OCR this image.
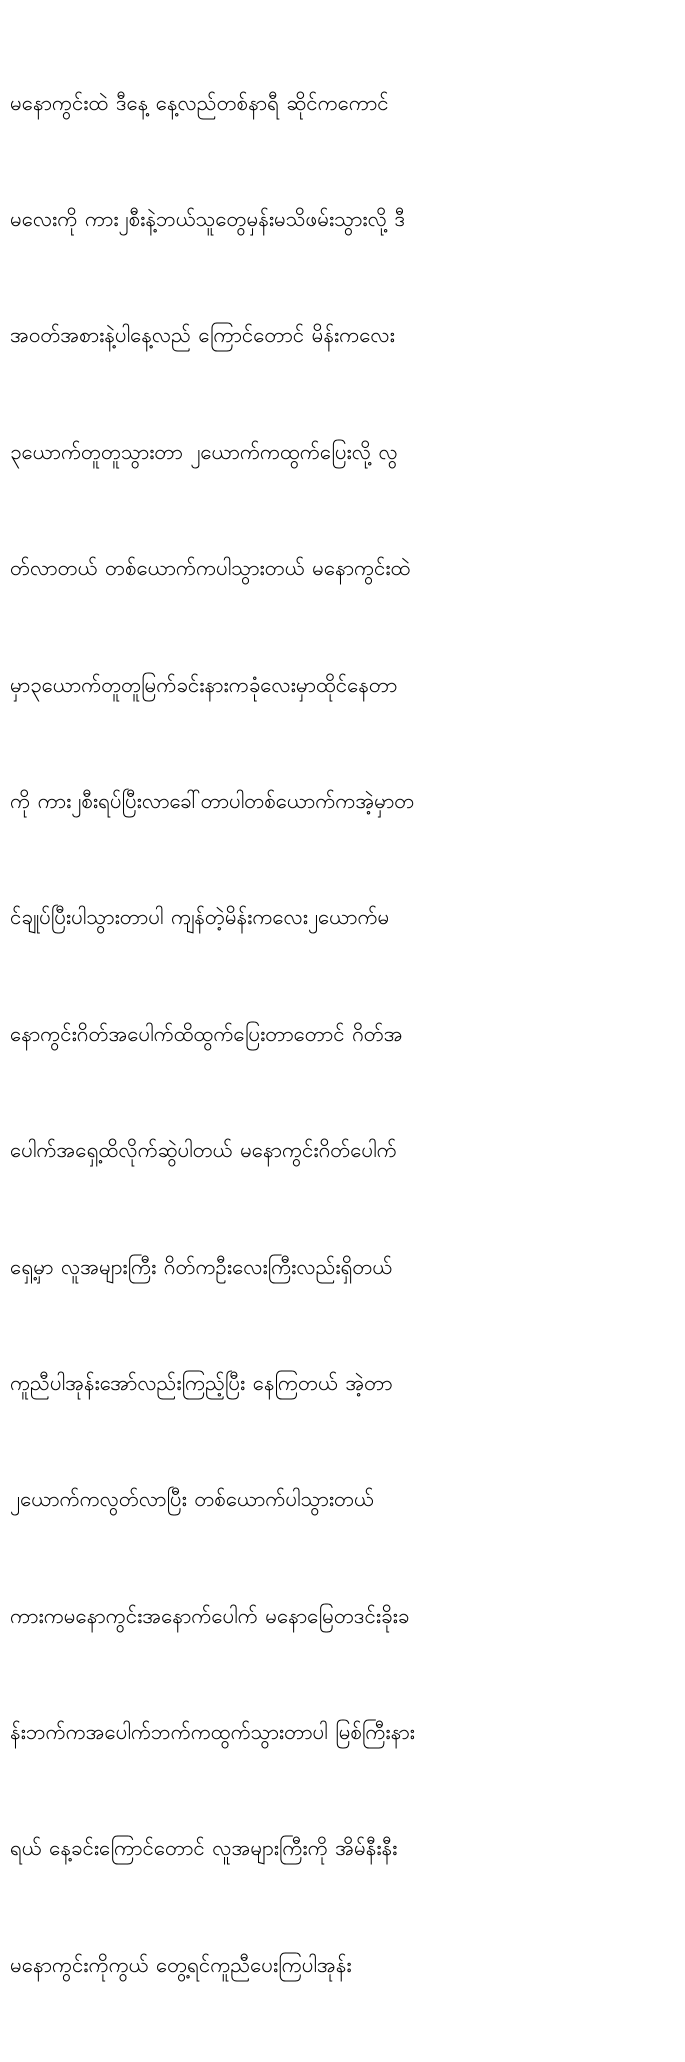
မနောကွင်းထဲ ဒီနေ့ နေ့လည်တစ်နာရီ ဆိုင်ကကောင်

မလေးကို ကား၂စီးနဲ့ဘယ်သူတွေမှန်းမသိဖမ်းသွားလို့ ဒီ

အဝတ်အစားနဲ့ပါနေ့လည် ကြောင်တောင် မိန်းကလေး

၃ယောက်တူတူသွားတာ ၂ယောက်ကထွက်ပြေးလို့ လွ

တ်လာတယ် တစ်ယောက်ကပါသွားတယ် မနောကွင်းထဲ

မှာ၃ယောက်တူတူမြက်ခင်းနားကခုံလေးမှာထိုင်နေတာ

ကို ကား၂စီးရပ်ပြီးလာခေါ်တာပါတစ်ယောက်ကအဲ့မှာတ

င်ချုပ်ပြီးပါသွားတာပါ ကျန်တဲ့မိန်းကလေး၂ယောက်မ

နောကွင်းဂိတ်အပေါက်ထိထွက်ပြေးတာတောင် ဂိတ်အ

ပေါက်အရှေ့ထိလိုက်ဆွဲပါတယ် မနောကွင်းဂိတ်ပေါက်

ရှေ့မှာ လူအများကြီး ဂိတ်ကဦးလေးကြီးလည်းရှိတယ်

ကူညီပါအုန်းအော်လည်းကြည့်ပြီး နေကြတယ် အဲ့တာ

၂ယောက်ကလွတ်လာပြီး တစ်ယောက်ပါသွားတယ်

ကားကမနောကွင်းအနောက်ပေါက် မနောမြေတဒင်းခိုးခ

န်းဘက်ကအပေါက်ဘက်ကထွက်သွားတာပါ မြစ်ကြီးနား

ရယ် နေ့ခင်းကြောင်တောင် လူအများကြီးကို အိမ်နီးနီး

မနောကွင်းကိုကွယ် တွေ့ရင်ကူညီပေးကြပါအုန်း
